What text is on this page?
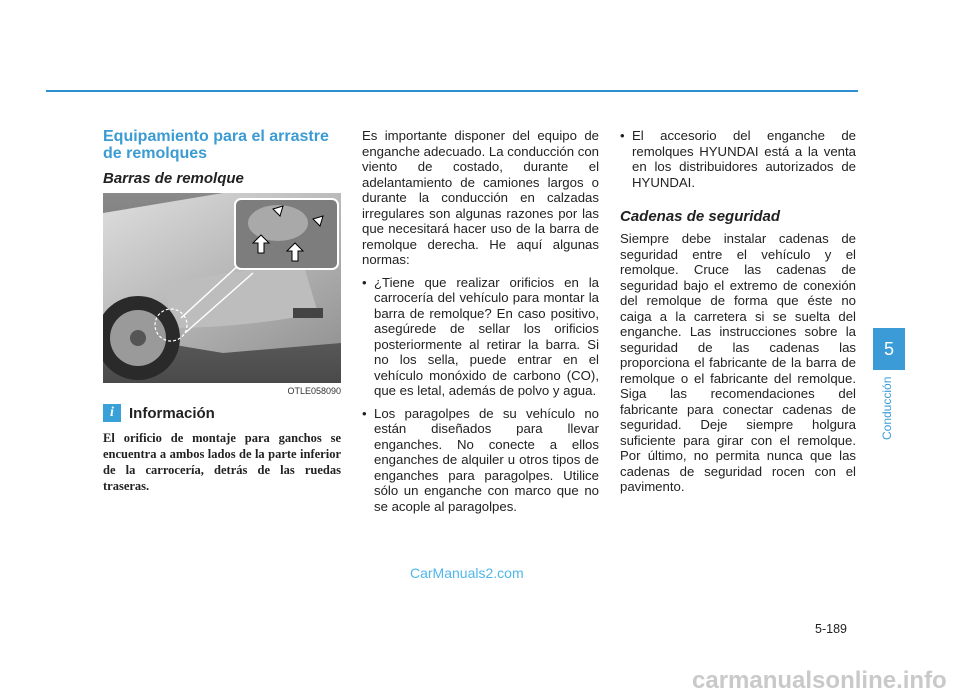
Equipamiento para el arrastre de remolques
Barras de remolque
OTLE058090
i	Información
El orificio de montaje para ganchos se encuentra a ambos lados de la parte inferior de la carrocería, detrás de las ruedas traseras.

Es importante disponer del equipo de enganche adecuado. La conducción con viento de costado, durante el adelantamiento de camiones largos o durante la conducción en calzadas irregulares son algunas razones por las que necesitará hacer uso de la barra de remolque derecha. He aquí algunas normas:

• ¿Tiene que realizar orificios en la carrocería del vehículo para montar la barra de remolque? En caso positivo, asegúrede de sellar los orificios posteriormente al retirar la barra. Si no los sella, puede entrar en el vehículo monóxido de carbono (CO), que es letal, además de polvo y agua.
• Los paragolpes de su vehículo no están diseñados para llevar enganches. No conecte a ellos enganches de alquiler u otros tipos de enganches para paragolpes. Utilice sólo un enganche con marco que no se acople al paragolpes.
• El accesorio del enganche de remolques HYUNDAI está a la venta en los distribuidores autorizados de HYUNDAI.
Cadenas de seguridad

Siempre debe instalar cadenas de seguridad entre el vehículo y el remolque. Cruce las cadenas de seguridad bajo el extremo de conexión del remolque de forma que éste no caiga a la carretera si se suelta del enganche. Las instrucciones sobre la seguridad de las cadenas las proporciona el fabricante de la barra de remolque o el fabricante del remolque. Siga las recomendaciones del fabricante para conectar cadenas de seguridad. Deje siempre holgura suficiente para girar con el remolque. Por último, no permita nunca que las cadenas de seguridad rocen con el pavimento.

5
Conducción
5-189
CarManuals2.com
carmanualsonline.info
